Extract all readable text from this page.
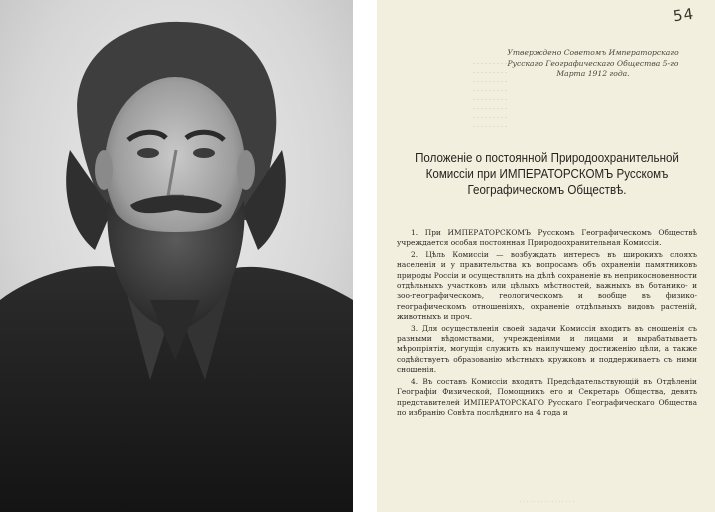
54
· · · · · · · · ·
· · · · · · · · ·
· · · · · · · · ·
· · · · · · · · ·
· · · · · · · · ·
· · · · · · · · ·
· · · · · · · · ·
· · · · · · · · ·
Утверждено Советомъ Императорскаго
Русскаго Географическаго Общества 5-го
Марта 1912 года.
Положенie о постоянной Природоохранительной
Комиссiи при ИМПЕРАТОРСКОМЪ Русскомъ
Географическомъ Обществѣ.

1. При ИМПЕРАТОРСКОМЪ Русскомъ Географическомъ Обществѣ учреждается особая постоянная Природоохранительная Комиссiя.

2. Цѣль Комиссiи — возбуждать интересъ въ широкихъ слояхъ населенiя и у правительства къ вопросамъ объ охраненiи памятниковъ природы Россiи и осуществлять на дѣлѣ сохраненiе въ неприкосновенности отдѣльныхъ участковъ или цѣлыхъ мѣстностей, важныхъ въ ботанико- и зоо-географическомъ, геологическомъ и вообще въ физико-географическомъ отношенiяхъ, охраненiе отдѣльныхъ видовъ растенiй, животныхъ и проч.

3. Для осуществленiя своей задачи Комиссiя входитъ въ сношенiя съ разными вѣдомствами, учрежденiями и лицами и вырабатываетъ мѣропрiятiя, могущiя служить къ наилучшему достиженiю цѣли, а также содѣйствуетъ образованiю мѣстныхъ кружковъ и поддерживаетъ съ ними сношенiя.

4. Въ составъ Комиссiи входятъ Предсѣдательствующiй въ Отдѣленiи Географiи Физической, Помощникъ его и Секретарь Общества, девять представителей ИМПЕРАТОРСКАГО Русскаго Географическаго Общества по избранiю Совѣта послѣдняго на 4 года и

· · · · · · · · · · · · · · · ·
